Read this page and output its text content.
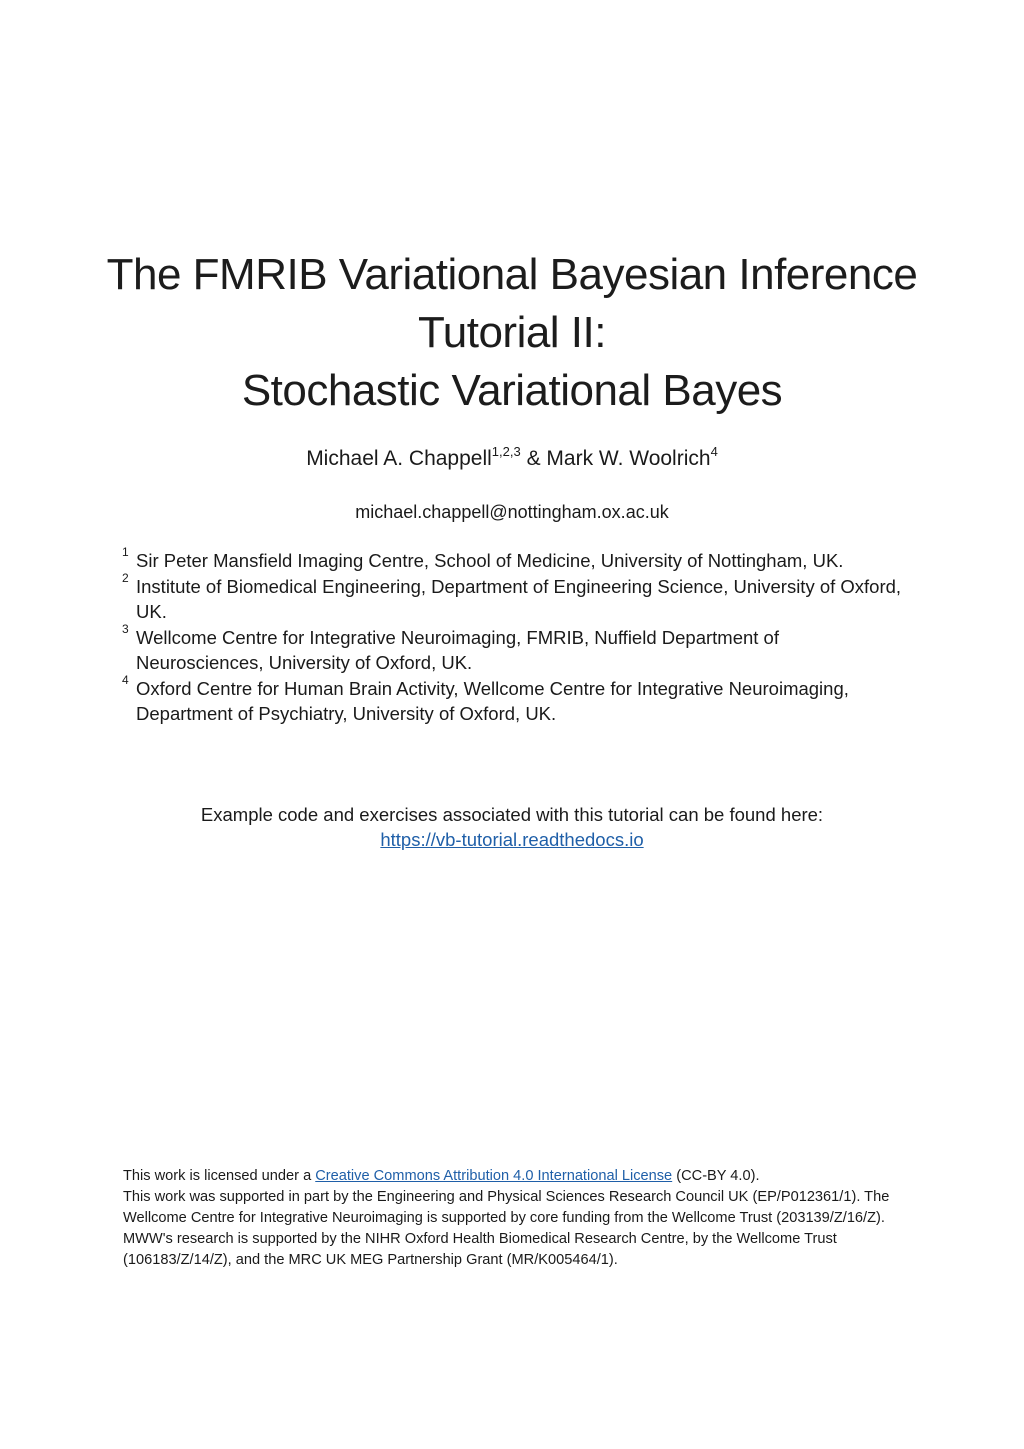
The FMRIB Variational Bayesian Inference
Tutorial II:
Stochastic Variational Bayes
Michael A. Chappell$^{1,2,3}$ & Mark W. Woolrich$^4$
michael.chappell@nottingham.ox.ac.uk
1 Sir Peter Mansfield Imaging Centre, School of Medicine, University of Nottingham, UK.
2 Institute of Biomedical Engineering, Department of Engineering Science, University of Oxford, UK.
3 Wellcome Centre for Integrative Neuroimaging, FMRIB, Nuffield Department of Neurosciences, University of Oxford, UK.
4 Oxford Centre for Human Brain Activity, Wellcome Centre for Integrative Neuroimaging, Department of Psychiatry, University of Oxford, UK.
Example code and exercises associated with this tutorial can be found here:
https://vb-tutorial.readthedocs.io

This work is licensed under a Creative Commons Attribution 4.0 International License (CC-BY 4.0).

This work was supported in part by the Engineering and Physical Sciences Research Council UK (EP/P012361/1). The Wellcome Centre for Integrative Neuroimaging is supported by core funding from the Wellcome Trust (203139/Z/16/Z). MWW's research is supported by the NIHR Oxford Health Biomedical Research Centre, by the Wellcome Trust (106183/Z/14/Z), and the MRC UK MEG Partnership Grant (MR/K005464/1).
